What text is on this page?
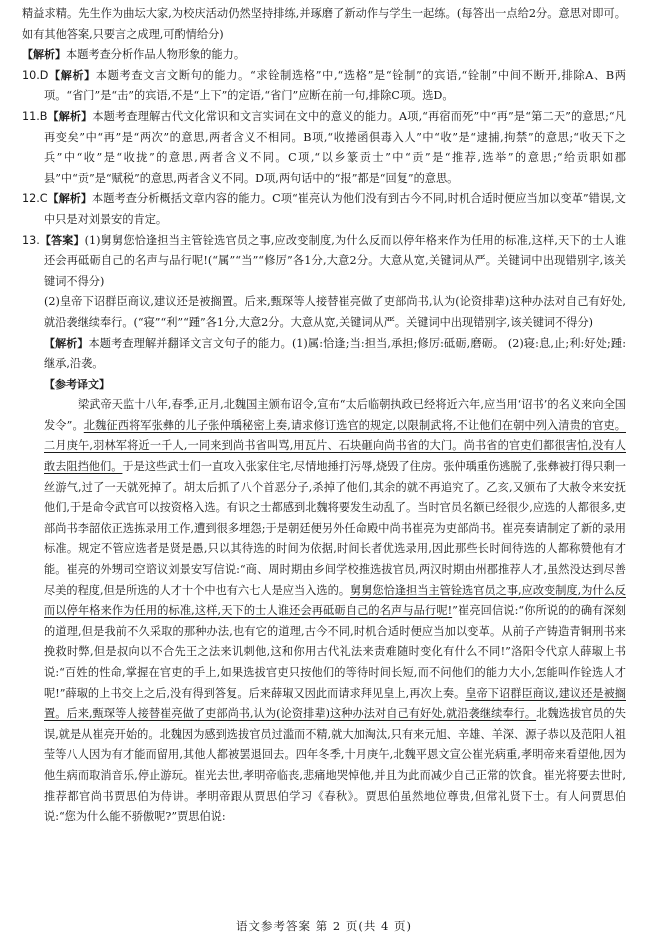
精益求精。先生作为曲坛大家,为校庆活动仍然坚持排练,并琢磨了新动作与学生一起练。(每答出一点给2分。意思对即可。如有其他答案,只要言之成理,可酌情给分)

【解析】本题考查分析作品人物形象的能力。

10.D【解析】本题考查文言文断句的能力。“求铨制选格”中,“选格”是“铨制”的宾语,“铨制”中间不断开,排除A、B两项。“省门”是“击”的宾语,不是“上下”的定语,“省门”应断在前一句,排除C项。选D。

11.B【解析】本题考查理解古代文化常识和文言实词在文中的意义的能力。A项,“再宿而死”中“再”是“第二天”的意思;“凡再变矣”中“再”是“两次”的意思,两者含义不相同。B项,“收捲函倶毒入人”中“收”是“逮捕,拘禁”的意思;“收天下之兵”中“收”是“收拢”的意思,两者含义不同。C项,“以乡篆贡士”中“贡”是“推荐,选举”的意思;“给贡职如郡县”中“贡”是“赋税”的意思,两者含义不同。D项,两句话中的“报”都是“回复”的意思。

12.C【解析】本题考查分析概括文章内容的能力。C项“崔亮认为他们没有到古今不同,时机合适时便应当加以变革”错误,文中只是对刘景安的肯定。

13.【答案】(1)舅舅您恰逢担当主管铨选官员之事,应改变制度,为什么反而以停年格来作为任用的标准,这样,天下的士人谁还会再砥砺自己的名声与品行呢!(“属”“当”“修厉”各1分,大意2分。大意从宽,关键词从严。关键词中出现错别字,该关键词不得分)

(2)皇帝下诏群臣商议,建议还是被搁置。后来,甄琛等人接替崔亮做了吏部尚书,认为(论资排辈)这种办法对自己有好处,就沿袭继续奉行。(“寝”“利”“踵”各1分,大意2分。大意从宽,关键词从严。关键词中出现错别字,该关键词不得分)

【解析】本题考查理解并翻译文言文句子的能力。(1)属:恰逢;当:担当,承担;修厉:砥砺,磨砺。 (2)寝:息,止;利:好处;踵:继承,沿袭。

【参考译文】

梁武帝天监十八年,春季,正月,北魏国主颁布诏令,宣布“太后临朝执政已经将近六年,应当用‘诏书’的名义来向全国发令”。北魏征西将军张彝的儿子张仲瑀秘密上奏,请求修订选官的规定,以限制武将,不让他们在朝中列入清贵的官吏。二月庚午,羽林军将近一千人,一同来到尚书省叫骂,用瓦片、石块砸向尚书省的大门。尚书省的官吏们都很害怕,没有人敢去阻挡他们。于是这些武士们一直攻入张家住宅,尽情地捶打污辱,烧毁了住房。张仲瑀重伤逃脱了,张彝被打得只剩一丝游气,过了一天就死掉了。胡太后抓了八个首恶分子,杀掉了他们,其余的就不再追究了。乙亥,又颁布了大赦令来安抚他们,于是命令武官可以按资格入选。有识之士都感到北魏将要发生动乱了。当时官员名额已经很少,应选的人都很多,吏部尚书李韶依正选拣录用工作,遭到很多埋怨;于是朝廷便另外任命殿中尚书崔亮为吏部尚书。崔亮奏请制定了新的录用标准。规定不管应选者是贤是愚,只以其待选的时间为依据,时间长者优选录用,因此那些长时间待选的人都称赞他有才能。崔亮的外甥司空谘议刘景安写信说:“商、周时期由乡间学校推选拔官员,两汉时期由州郡推荐人才,虽然没达到尽善尽美的程度,但是所选的人才十个中也有六七人是应当入选的。舅舅您恰逢担当主管铨选官员之事,应改变制度,为什么反而以停年格来作为任用的标准,这样,天下的士人谁还会再砥砺自己的名声与品行呢!”崔亮回信说:“你所说的的确有深刻的道理,但是我前不久采取的那种办法,也有它的道理,古今不同,时机合适时便应当加以变革。从前子产铸造青铜刑书来挽救时弊,但是叔向以不合先王之法来讥刺他,这和你用古代礼法来责难随时变化有什么不同!”洛阳令代京人薛琡上书说:“百姓的性命,掌握在官吏的手上,如果选拔官吏只按他们的等待时间长短,而不问他们的能力大小,怎能叫作铨选人才呢!”薛琡的上书交上之后,没有得到答复。后来薛琡又因此而请求拜见皇上,再次上奏。皇帝下诏群臣商议,建议还是被搁置。后来,甄琛等人接替崔亮做了吏部尚书,认为(论资排辈)这种办法对自己有好处,就沿袭继续奉行。北魏选拔官员的失误,就是从崔亮开始的。北魏因为感到选拔官员过滥而不精,就大加淘汰,只有来元旭、辛雄、羊深、源子恭以及范阳人祖莹等八人因为有才能而留用,其他人都被罢退回去。四年冬季,十月庚午,北魏平恩文宣公崔光病重,孝明帝来看望他,因为他生病而取消音乐,停止游玩。崔光去世,孝明帝临丧,悲痛地哭悼他,并且为此而减少自己正常的饮食。崔光将要去世时,推荐都官尚书贾思伯为侍讲。孝明帝跟从贾思伯学习《春秋》。贾思伯虽然地位尊贵,但常礼贤下士。有人问贾思伯说:“您为什么能不骄傲呢?”贾思伯说:

语文参考答案 第 2 页(共 4 页)
